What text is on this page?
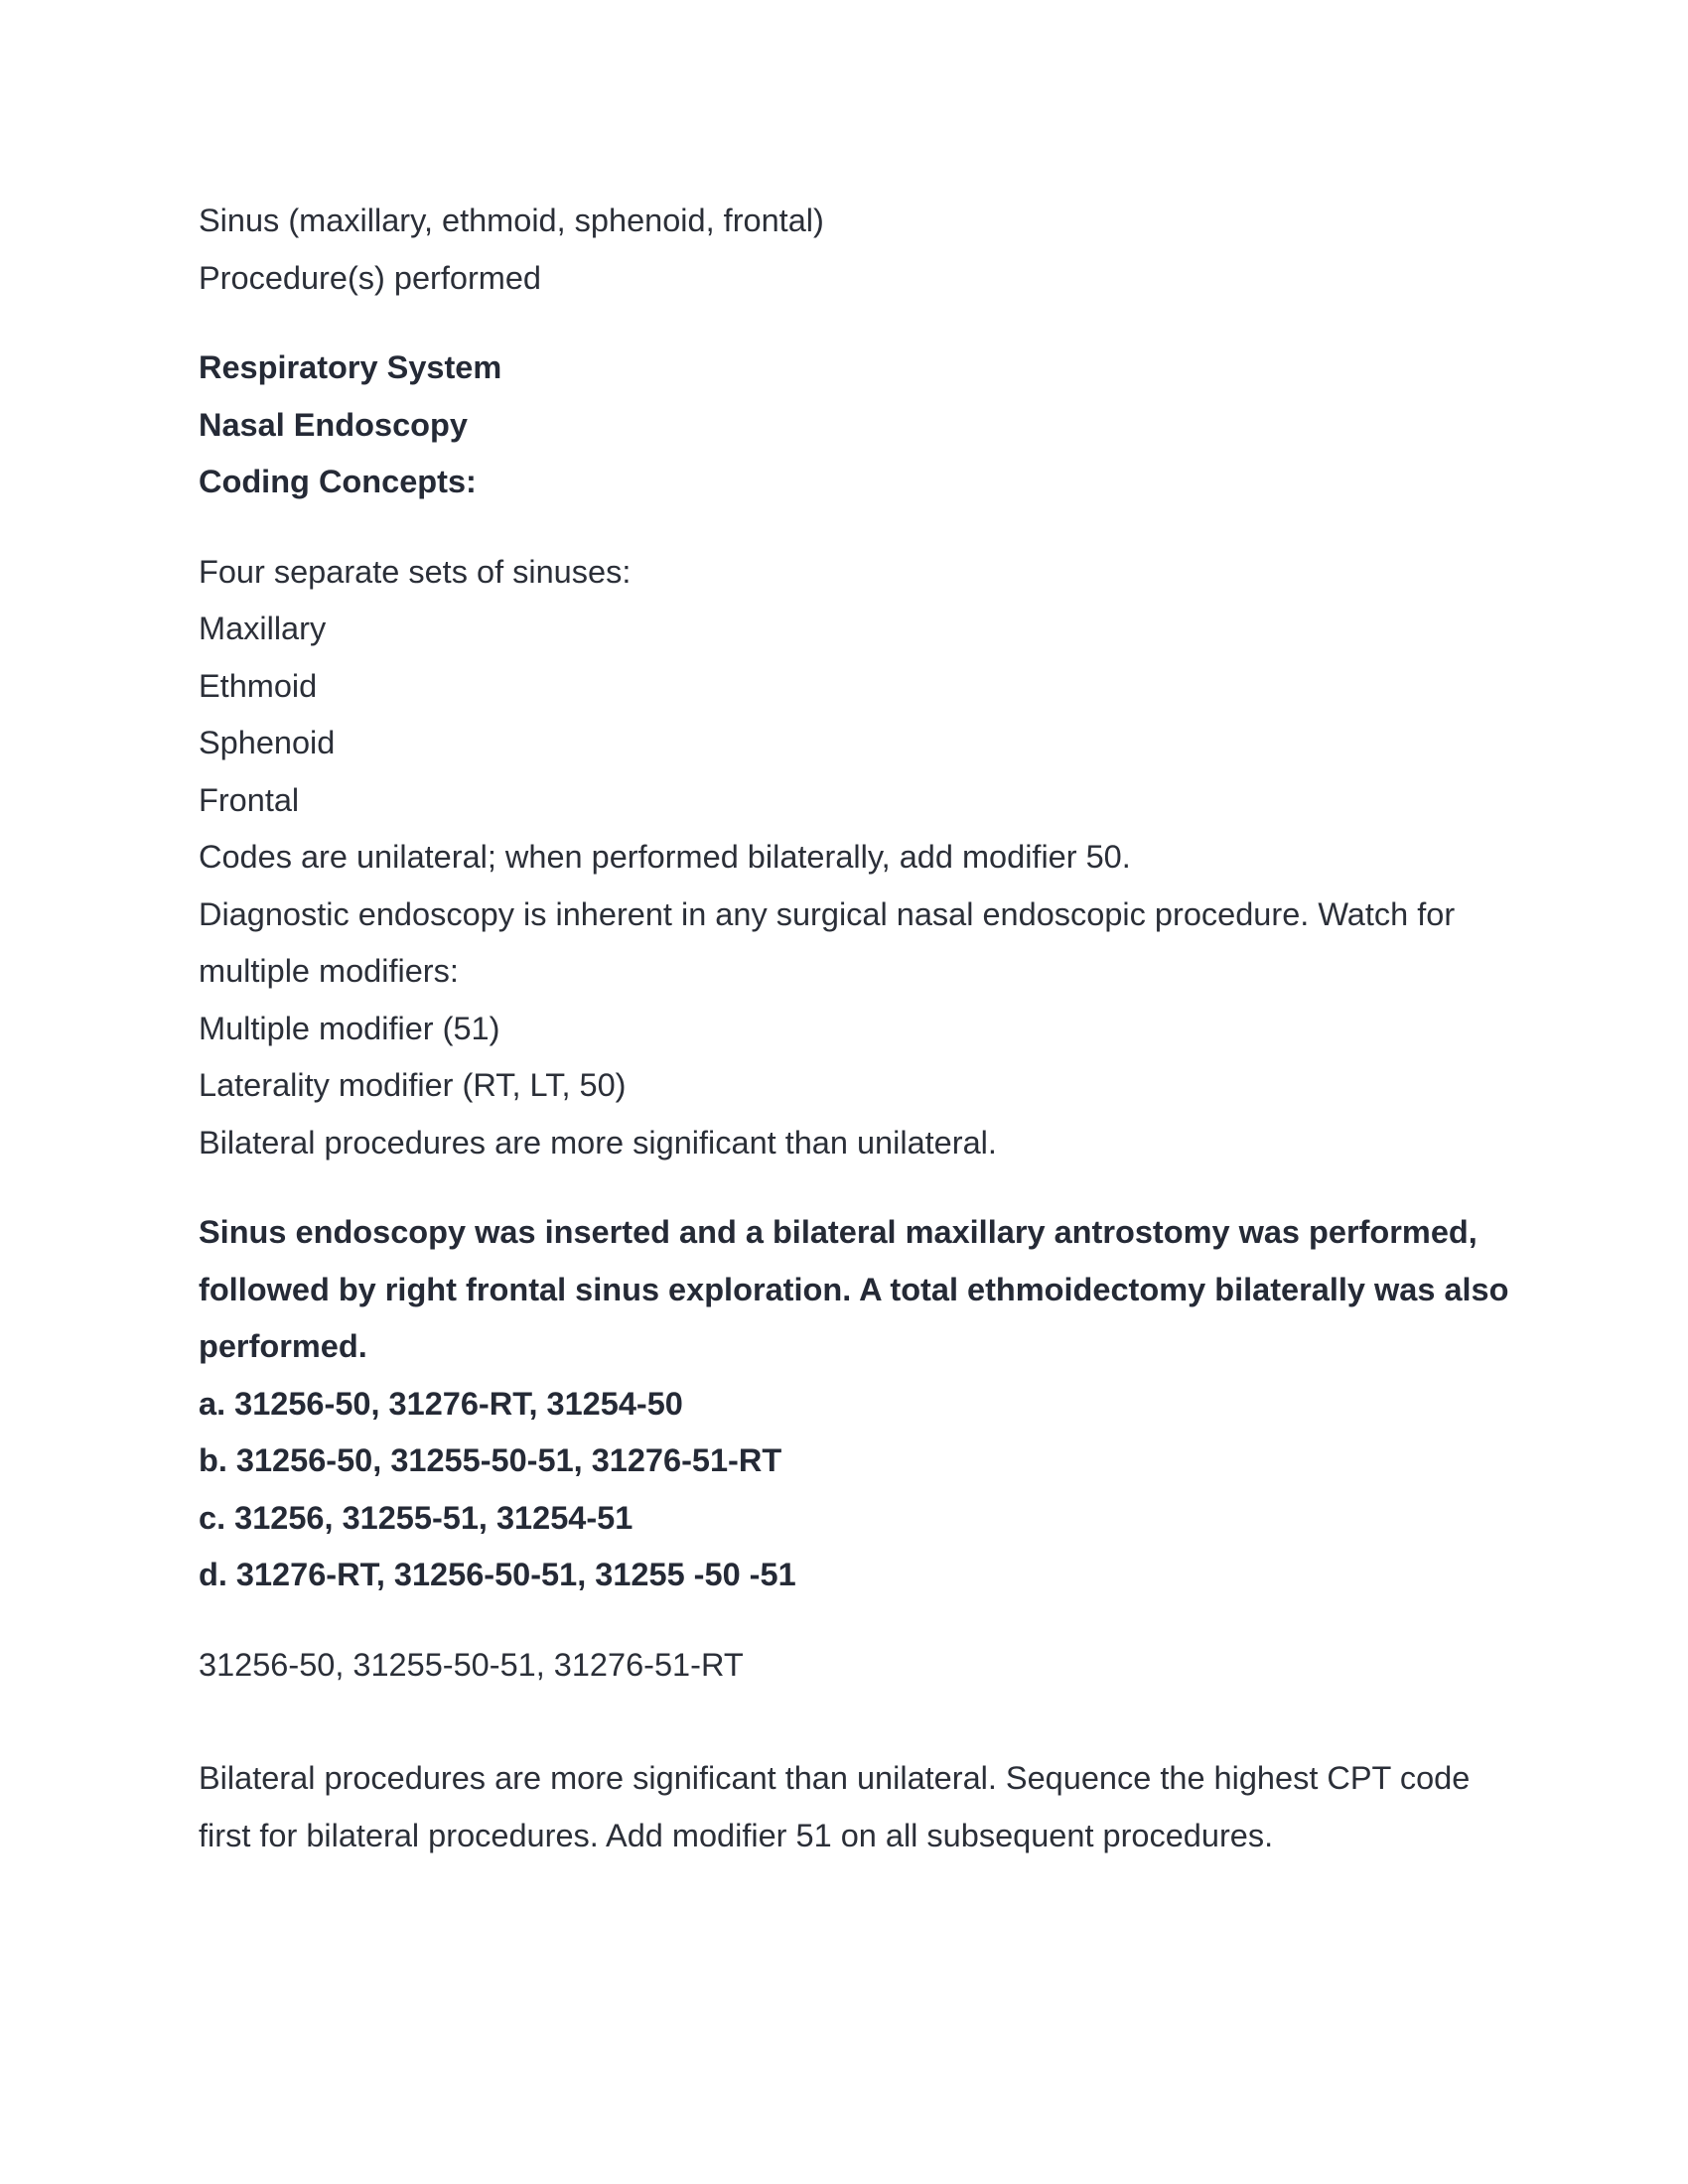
Sinus (maxillary, ethmoid, sphenoid, frontal)

Procedure(s) performed

Respiratory System

Nasal Endoscopy

Coding Concepts:

Four separate sets of sinuses:

Maxillary

Ethmoid

Sphenoid

Frontal

Codes are unilateral; when performed bilaterally, add modifier 50.

Diagnostic endoscopy is inherent in any surgical nasal endoscopic procedure. Watch for multiple modifiers:

Multiple modifier (51)

Laterality modifier (RT, LT, 50)

Bilateral procedures are more significant than unilateral.

Sinus endoscopy was inserted and a bilateral maxillary antrostomy was performed, followed by right frontal sinus exploration. A total ethmoidectomy bilaterally was also performed.

a. 31256-50, 31276-RT, 31254-50

b. 31256-50, 31255-50-51, 31276-51-RT

c. 31256, 31255-51, 31254-51

d. 31276-RT, 31256-50-51, 31255 -50 -51

31256-50, 31255-50-51, 31276-51-RT

Bilateral procedures are more significant than unilateral. Sequence the highest CPT code first for bilateral procedures. Add modifier 51 on all subsequent procedures.
